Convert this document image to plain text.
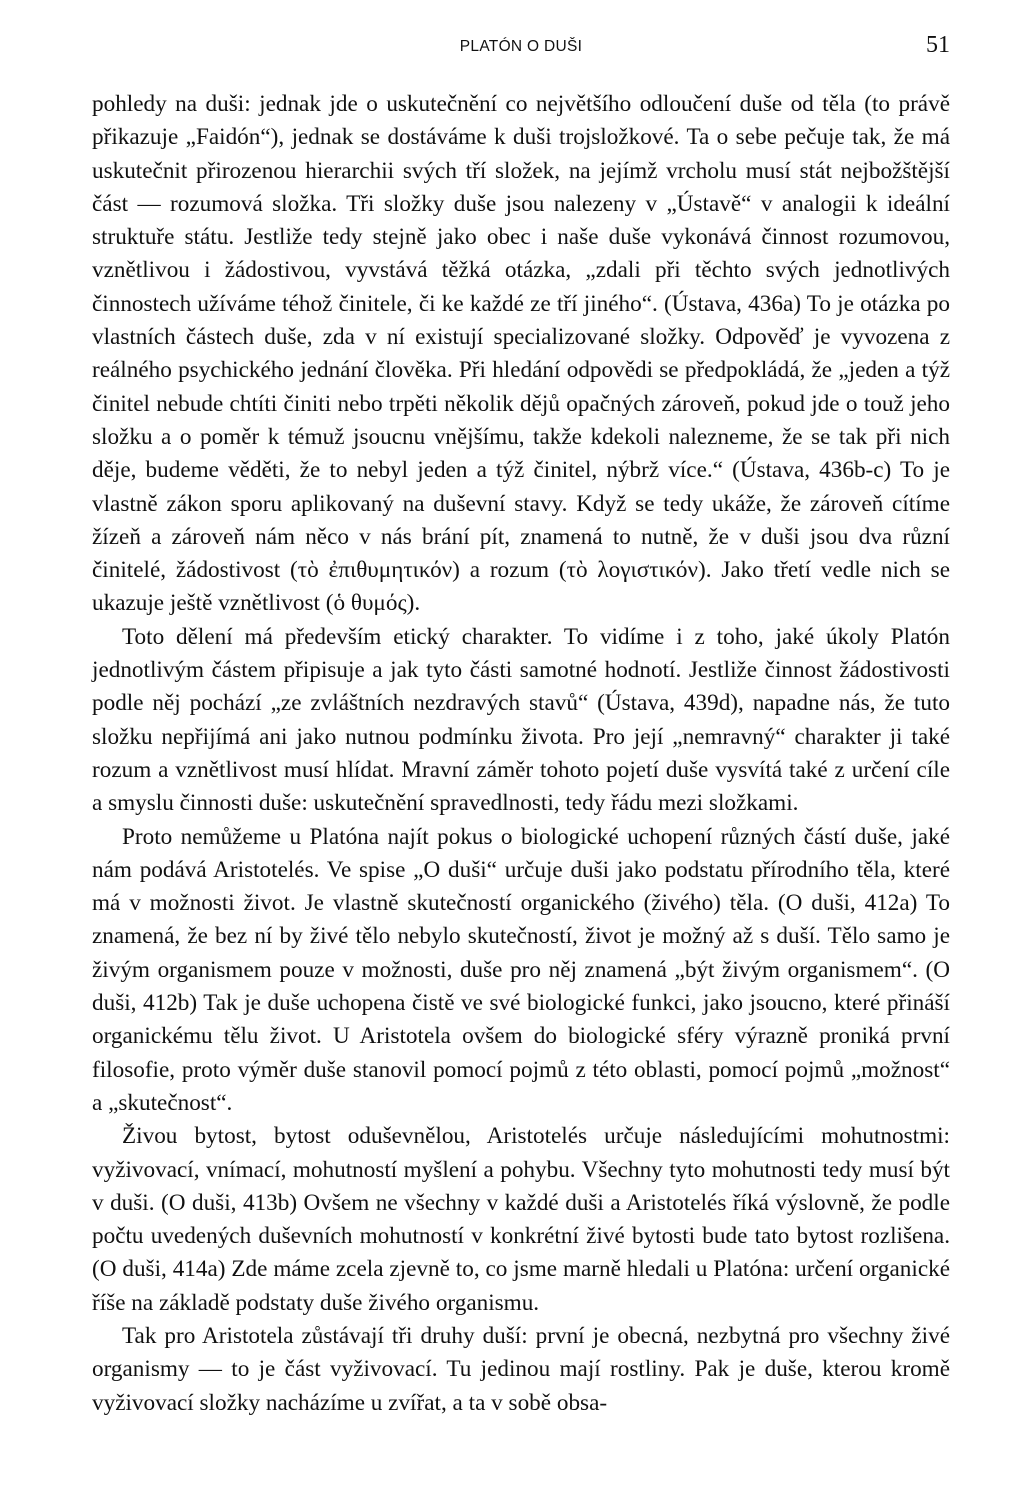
PLATÓN O DUŠI	51

pohledy na duši: jednak jde o uskutečnění co největšího odloučení duše od těla (to právě přikazuje „Faidón“), jednak se dostáváme k duši trojsložkové. Ta o sebe pečuje tak, že má uskutečnit přirozenou hierarchii svých tří složek, na jejímž vrcholu musí stát nejbožštější část — rozumová složka. Tři složky duše jsou nalezeny v „Ústavě“ v analogii k ideální struktuře státu. Jestliže tedy stejně jako obec i naše duše vykonává činnost rozumovou, vznětlivou i žádostivou, vyvstává těžká otázka, „zdali při těchto svých jednotlivých činnostech užíváme téhož činitele, či ke každé ze tří jiného“. (Ústava, 436a) To je otázka po vlastních částech duše, zda v ní existují specializované složky. Odpověď je vyvozena z reálného psychického jednání člověka. Při hledání odpovědi se předpokládá, že „jeden a týž činitel nebude chtíti činiti nebo trpěti několik dějů opačných zároveň, pokud jde o touž jeho složku a o poměr k témuž jsoucnu vnějšímu, takže kdekoli nalezneme, že se tak při nich děje, budeme věděti, že to nebyl jeden a týž činitel, nýbrž více.“ (Ústava, 436b-c) To je vlastně zákon sporu aplikovaný na duševní stavy. Když se tedy ukáže, že zároveň cítíme žízeň a zároveň nám něco v nás brání pít, znamená to nutně, že v duši jsou dva různí činitelé, žádostivost (τὸ ἐπιθυμητικόν) a rozum (τὸ λογιστικόν). Jako třetí vedle nich se ukazuje ještě vznětlivost (ὁ θυμός).

Toto dělení má především etický charakter. To vidíme i z toho, jaké úkoly Platón jednotlivým částem připisuje a jak tyto části samotné hodnotí. Jestliže činnost žádostivosti podle něj pochází „ze zvláštních nezdravých stavů“ (Ústava, 439d), napadne nás, že tuto složku nepřijímá ani jako nutnou podmínku života. Pro její „nemravný“ charakter ji také rozum a vznětlivost musí hlídat. Mravní záměr tohoto pojetí duše vysvítá také z určení cíle a smyslu činnosti duše: uskutečnění spravedlnosti, tedy řádu mezi složkami.

Proto nemůžeme u Platóna najít pokus o biologické uchopení různých částí duše, jaké nám podává Aristotelés. Ve spise „O duši“ určuje duši jako podstatu přírodního těla, které má v možnosti život. Je vlastně skutečností organického (živého) těla. (O duši, 412a) To znamená, že bez ní by živé tělo nebylo skutečností, život je možný až s duší. Tělo samo je živým organismem pouze v možnosti, duše pro něj znamená „být živým organismem“. (O duši, 412b) Tak je duše uchopena čistě ve své biologické funkci, jako jsoucno, které přináší organickému tělu život. U Aristotela ovšem do biologické sféry výrazně proniká první filosofie, proto výměr duše stanovil pomocí pojmů z této oblasti, pomocí pojmů „možnost“ a „skutečnost“.

Živou bytost, bytost oduševnělou, Aristotelés určuje následujícími mohutnostmi: vyživovací, vnímací, mohutností myšlení a pohybu. Všechny tyto mohutnosti tedy musí být v duši. (O duši, 413b) Ovšem ne všechny v každé duši a Aristotelés říká výslovně, že podle počtu uvedených duševních mohutností v konkrétní živé bytosti bude tato bytost rozlišena. (O duši, 414a) Zde máme zcela zjevně to, co jsme marně hledali u Platóna: určení organické říše na základě podstaty duše živého organismu.

Tak pro Aristotela zůstávají tři druhy duší: první je obecná, nezbytná pro všechny živé organismy — to je část vyživovací. Tu jedinou mají rostliny. Pak je duše, kterou kromě vyživovací složky nacházíme u zvířat, a ta v sobě obsa-
